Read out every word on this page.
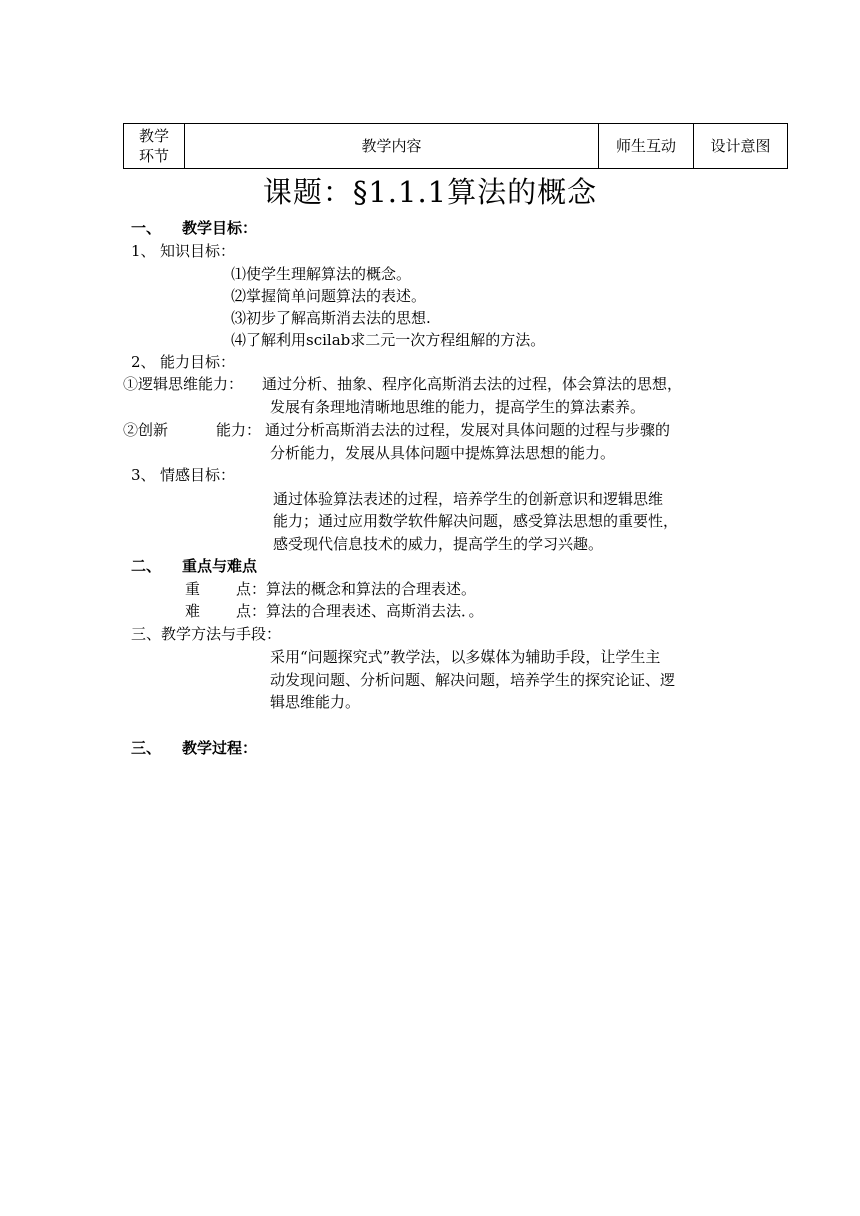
教学
环节
	教学内容	师生互动	设计意图
课题：§1.1.1算法的概念
一、 教学目标：
1、 知识目标：
⑴使学生理解算法的概念。
⑵掌握简单问题算法的表述。
⑶初步了解高斯消去法的思想.
⑷了解利用scilab求二元一次方程组解的方法。
2、 能力目标：
①逻辑思维能力： 通过分析、抽象、程序化高斯消去法的过程，体会算法的思想，
发展有条理地清晰地思维的能力，提高学生的算法素养。
②创新	能力： 通过分析高斯消去法的过程，发展对具体问题的过程与步骤的
分析能力，发展从具体问题中提炼算法思想的能力。
3、 情感目标：
通过体验算法表述的过程，培养学生的创新意识和逻辑思维
能力；通过应用数学软件解决问题，感受算法思想的重要性，
感受现代信息技术的威力，提高学生的学习兴趣。
二、 重点与难点
重 点： 算法的概念和算法的合理表述。
难 点： 算法的合理表述、高斯消去法．。
三、教学方法与手段：
采用“问题探究式”教学法，以多媒体为辅助手段，让学生主
动发现问题、分析问题、解决问题，培养学生的探究论证、逻
辑思维能力。
三、 教学过程：
